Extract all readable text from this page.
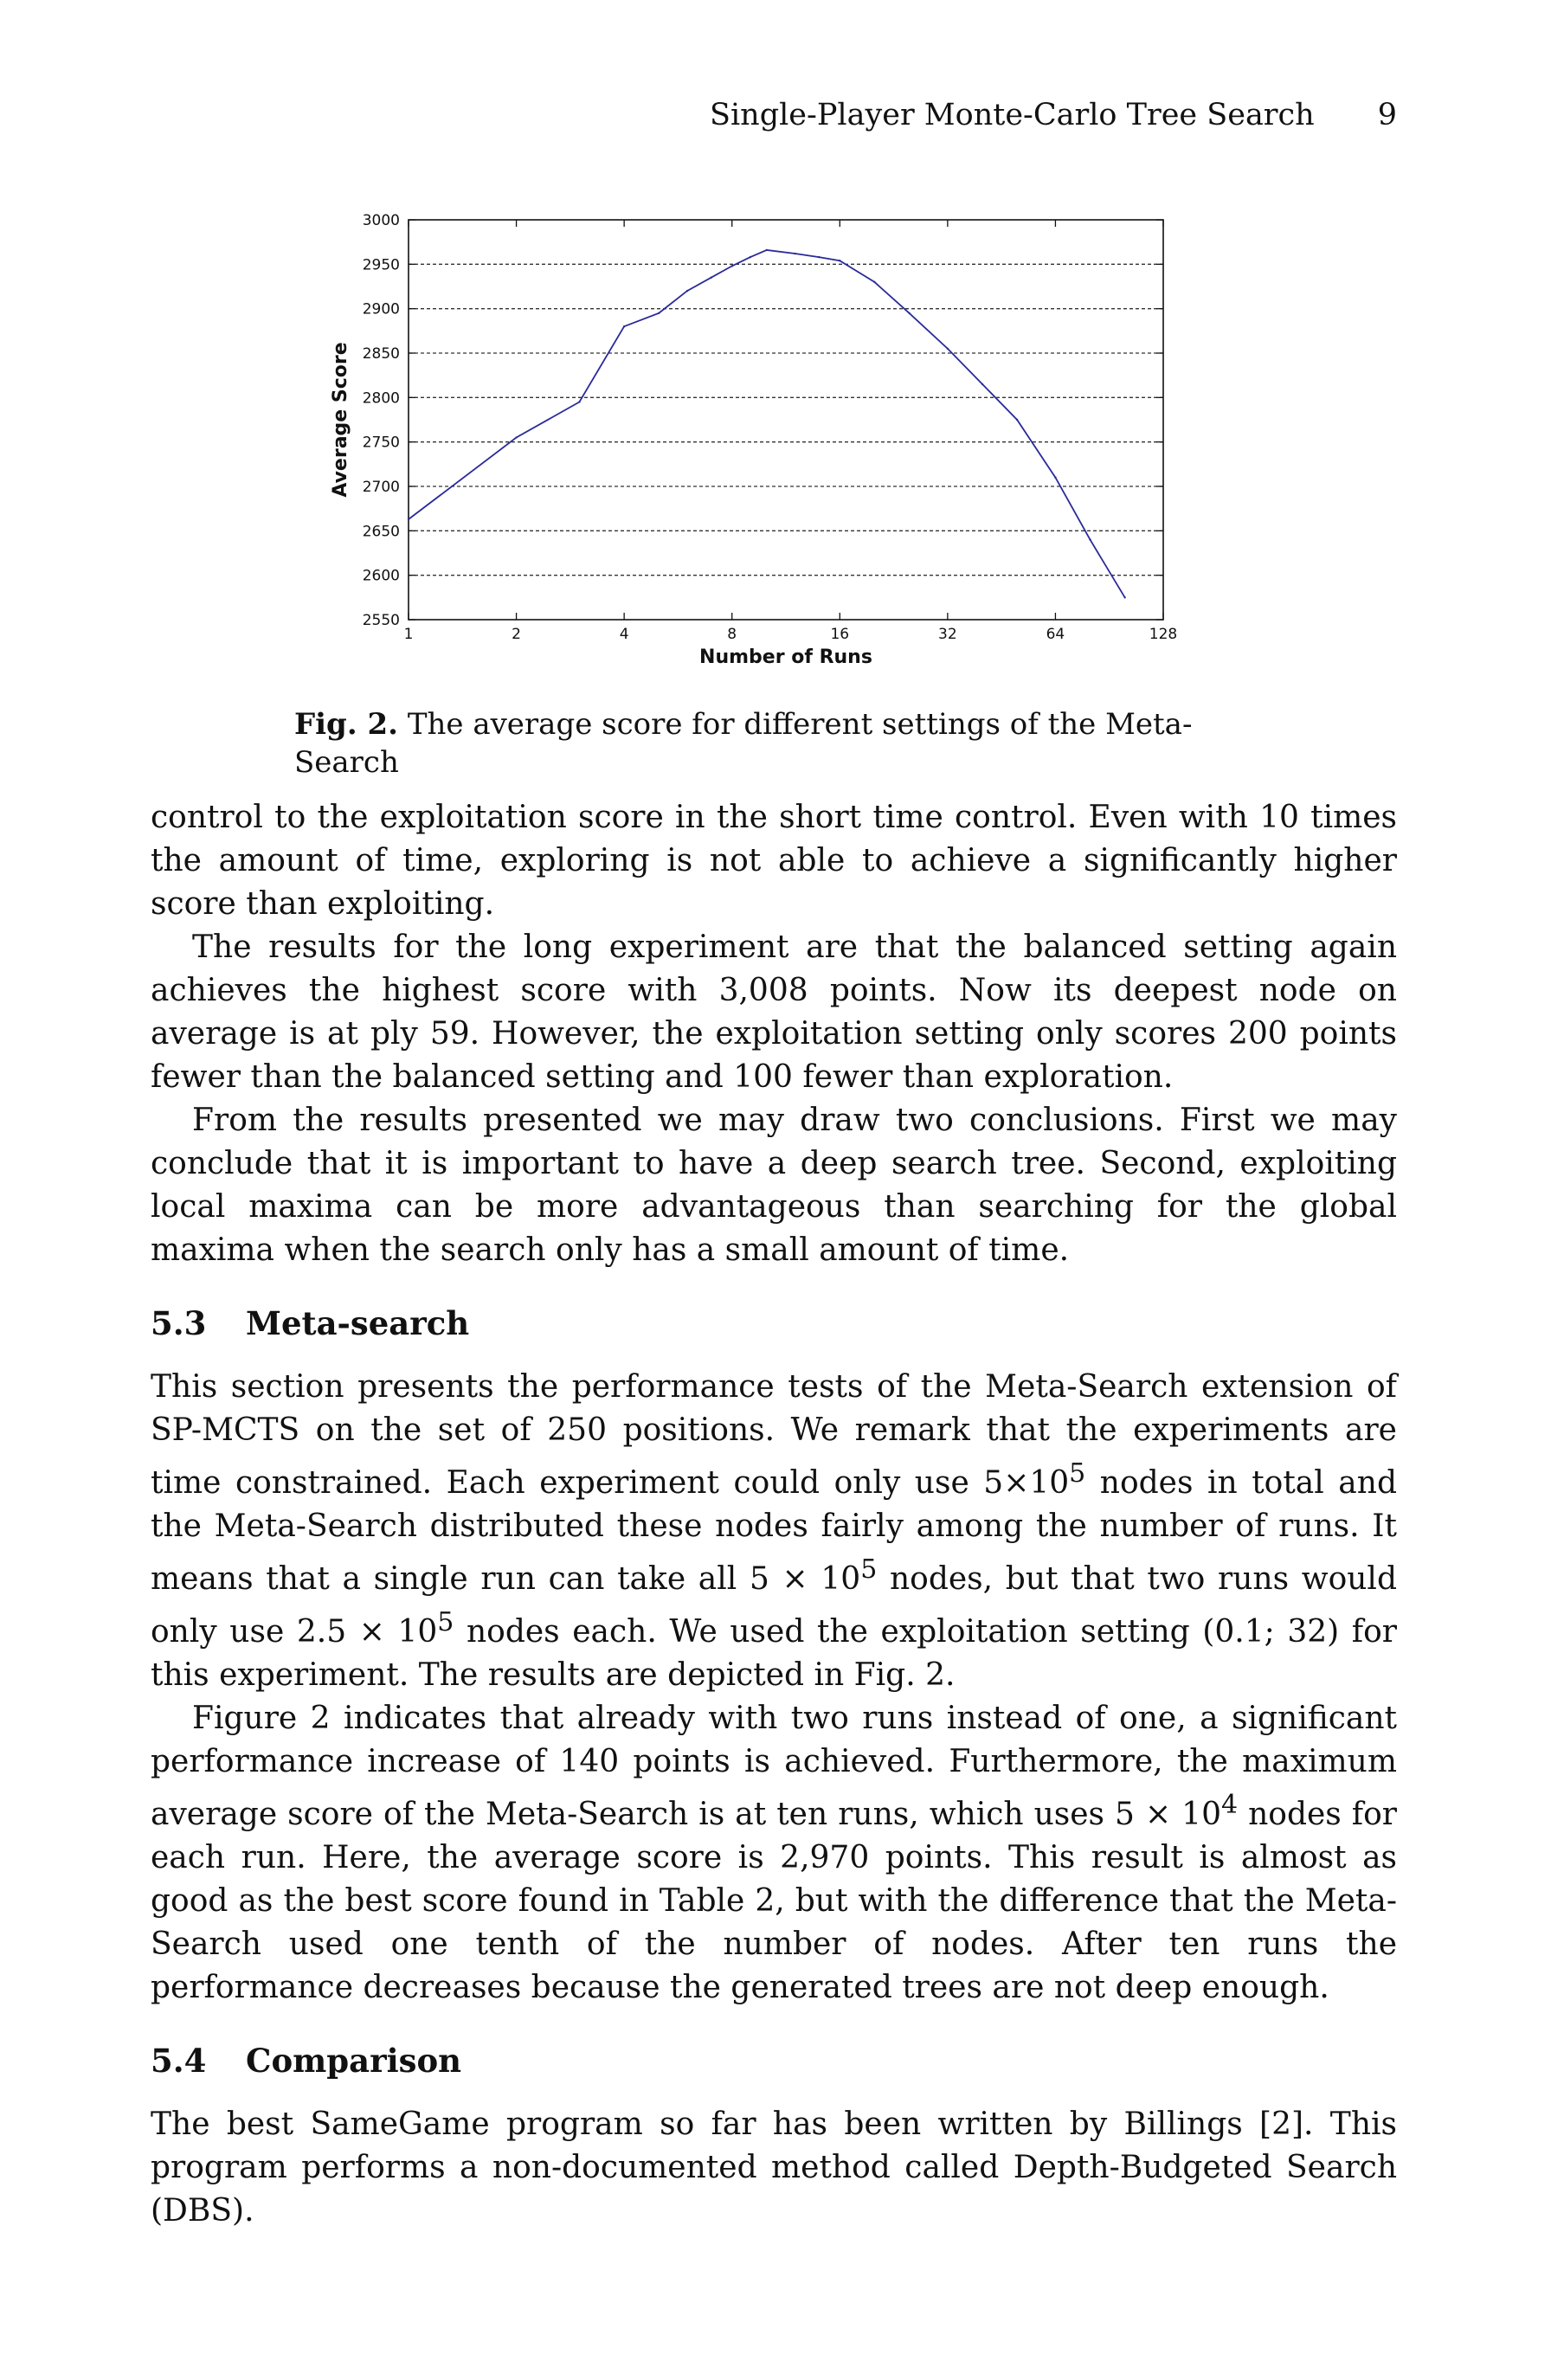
Single-Player Monte-Carlo Tree Search 9
2550
2600
2650
2700
2750
2800
2850
2900
2950
3000
1	2	4	8	16	32	64	128
Number of Runs
Average Score
Fig. 2. The average score for different settings of the Meta-Search

control to the exploitation score in the short time control. Even with 10 times the amount of time, exploring is not able to achieve a significantly higher score than exploiting.

The results for the long experiment are that the balanced setting again achieves the highest score with 3,008 points. Now its deepest node on average is at ply 59. However, the exploitation setting only scores 200 points fewer than the balanced setting and 100 fewer than exploration.

From the results presented we may draw two conclusions. First we may conclude that it is important to have a deep search tree. Second, exploiting local maxima can be more advantageous than searching for the global maxima when the search only has a small amount of time.

5.3 Meta-search

This section presents the performance tests of the Meta-Search extension of SP-MCTS on the set of 250 positions. We remark that the experiments are time constrained. Each experiment could only use $5\times 10^5$ nodes in total and the Meta-Search distributed these nodes fairly among the number of runs. It means that a single run can take all $5 \times 10^5$ nodes, but that two runs would only use $2.5 \times 10^5$ nodes each. We used the exploitation setting (0.1; 32) for this experiment. The results are depicted in Fig. 2.

Figure 2 indicates that already with two runs instead of one, a significant performance increase of 140 points is achieved. Furthermore, the maximum average score of the Meta-Search is at ten runs, which uses $5 \times 10^4$ nodes for each run. Here, the average score is 2,970 points. This result is almost as good as the best score found in Table 2, but with the difference that the Meta-Search used one tenth of the number of nodes. After ten runs the performance decreases because the generated trees are not deep enough.

5.4 Comparison

The best SameGame program so far has been written by Billings [2]. This program performs a non-documented method called Depth-Budgeted Search (DBS).
